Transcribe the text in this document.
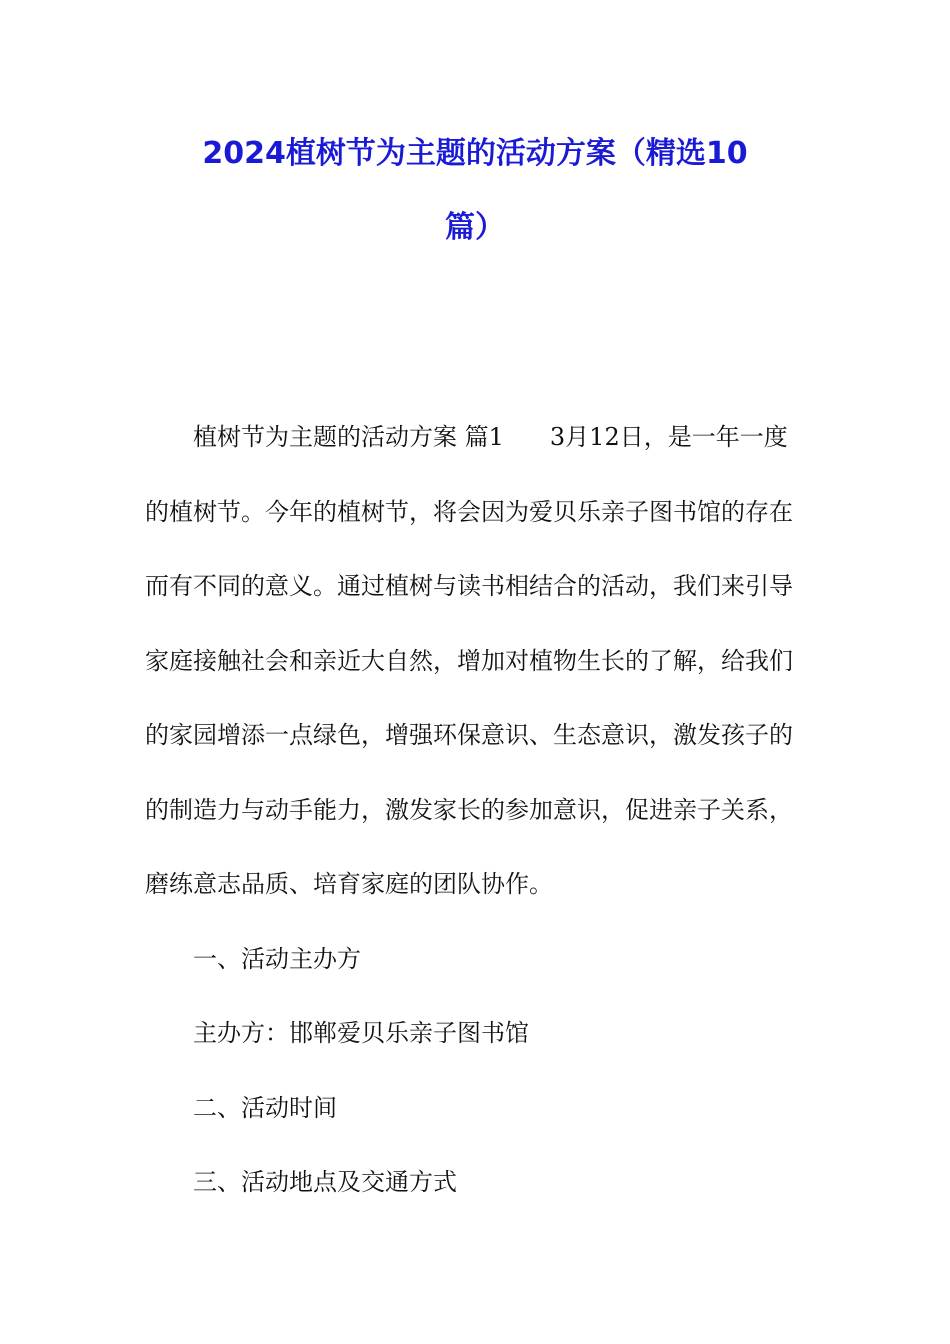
2024植树节为主题的活动方案（精选10
篇）
植树节为主题的活动方案 篇1 3月12日，是一年一度
的植树节。今年的植树节，将会因为爱贝乐亲子图书馆的存在
而有不同的意义。通过植树与读书相结合的活动，我们来引导
家庭接触社会和亲近大自然，增加对植物生长的了解，给我们
的家园增添一点绿色，增强环保意识、生态意识，激发孩子的
的制造力与动手能力，激发家长的参加意识，促进亲子关系，
磨练意志品质、培育家庭的团队协作。
一、活动主办方
主办方：邯郸爱贝乐亲子图书馆
二、活动时间
三、活动地点及交通方式
